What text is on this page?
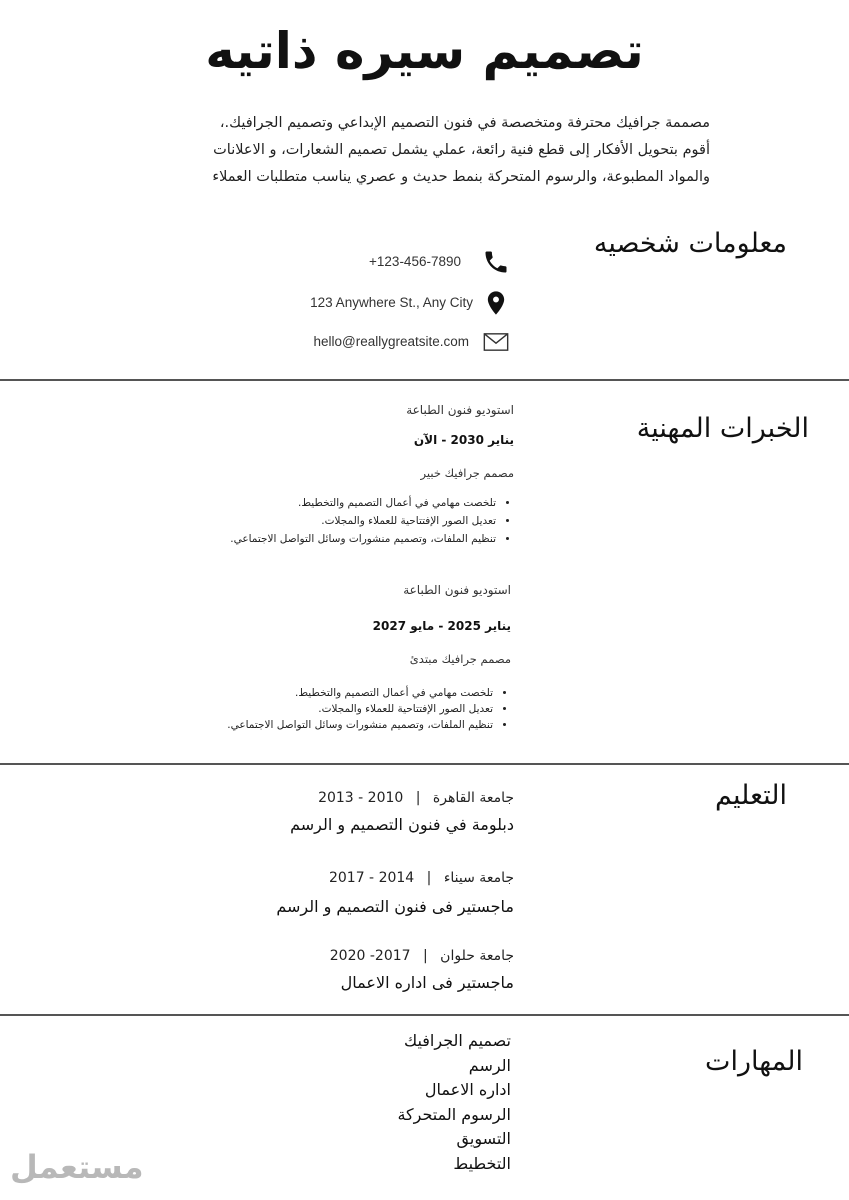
تصميم سيره ذاتيه
مصممة جرافيك محترفة ومتخصصة في فنون التصميم الإبداعي وتصميم الجرافيك.،
أقوم بتحويل الأفكار إلى قطع فنية رائعة، عملي يشمل تصميم الشعارات، و الاعلانات
والمواد المطبوعة، والرسوم المتحركة بنمط حديث و عصري يناسب متطلبات العملاء
معلومات شخصيه
+123-456-7890
123 Anywhere St., Any City
hello@reallygreatsite.com
الخبرات المهنية
استوديو فنون الطباعة
يناير 2030 - الآن
مصمم جرافيك خبير
• تلخصت مهامي في أعمال التصميم والتخطيط.
• تعديل الصور الإفتتاحية للعملاء والمجلات.
• تنظيم الملفات، وتصميم منشورات وسائل التواصل الاجتماعي.
استوديو فنون الطباعة
يناير 2025 - مايو 2027
مصمم جرافيك مبتدئ
• تلخصت مهامي في أعمال التصميم والتخطيط.
• تعديل الصور الإفتتاحية للعملاء والمجلات.
• تنظيم الملفات، وتصميم منشورات وسائل التواصل الاجتماعي.
التعليم
جامعة القاهرة | 2010 - 2013
دبلومة في فنون التصميم و الرسم
جامعة سيناء | 2014 - 2017
ماجستير فى فنون التصميم و الرسم
جامعة حلوان | 2017- 2020
ماجستير فى اداره الاعمال
المهارات
تصميم الجرافيك
الرسم
اداره الاعمال
الرسوم المتحركة
التسويق
التخطيط
مستعمل
